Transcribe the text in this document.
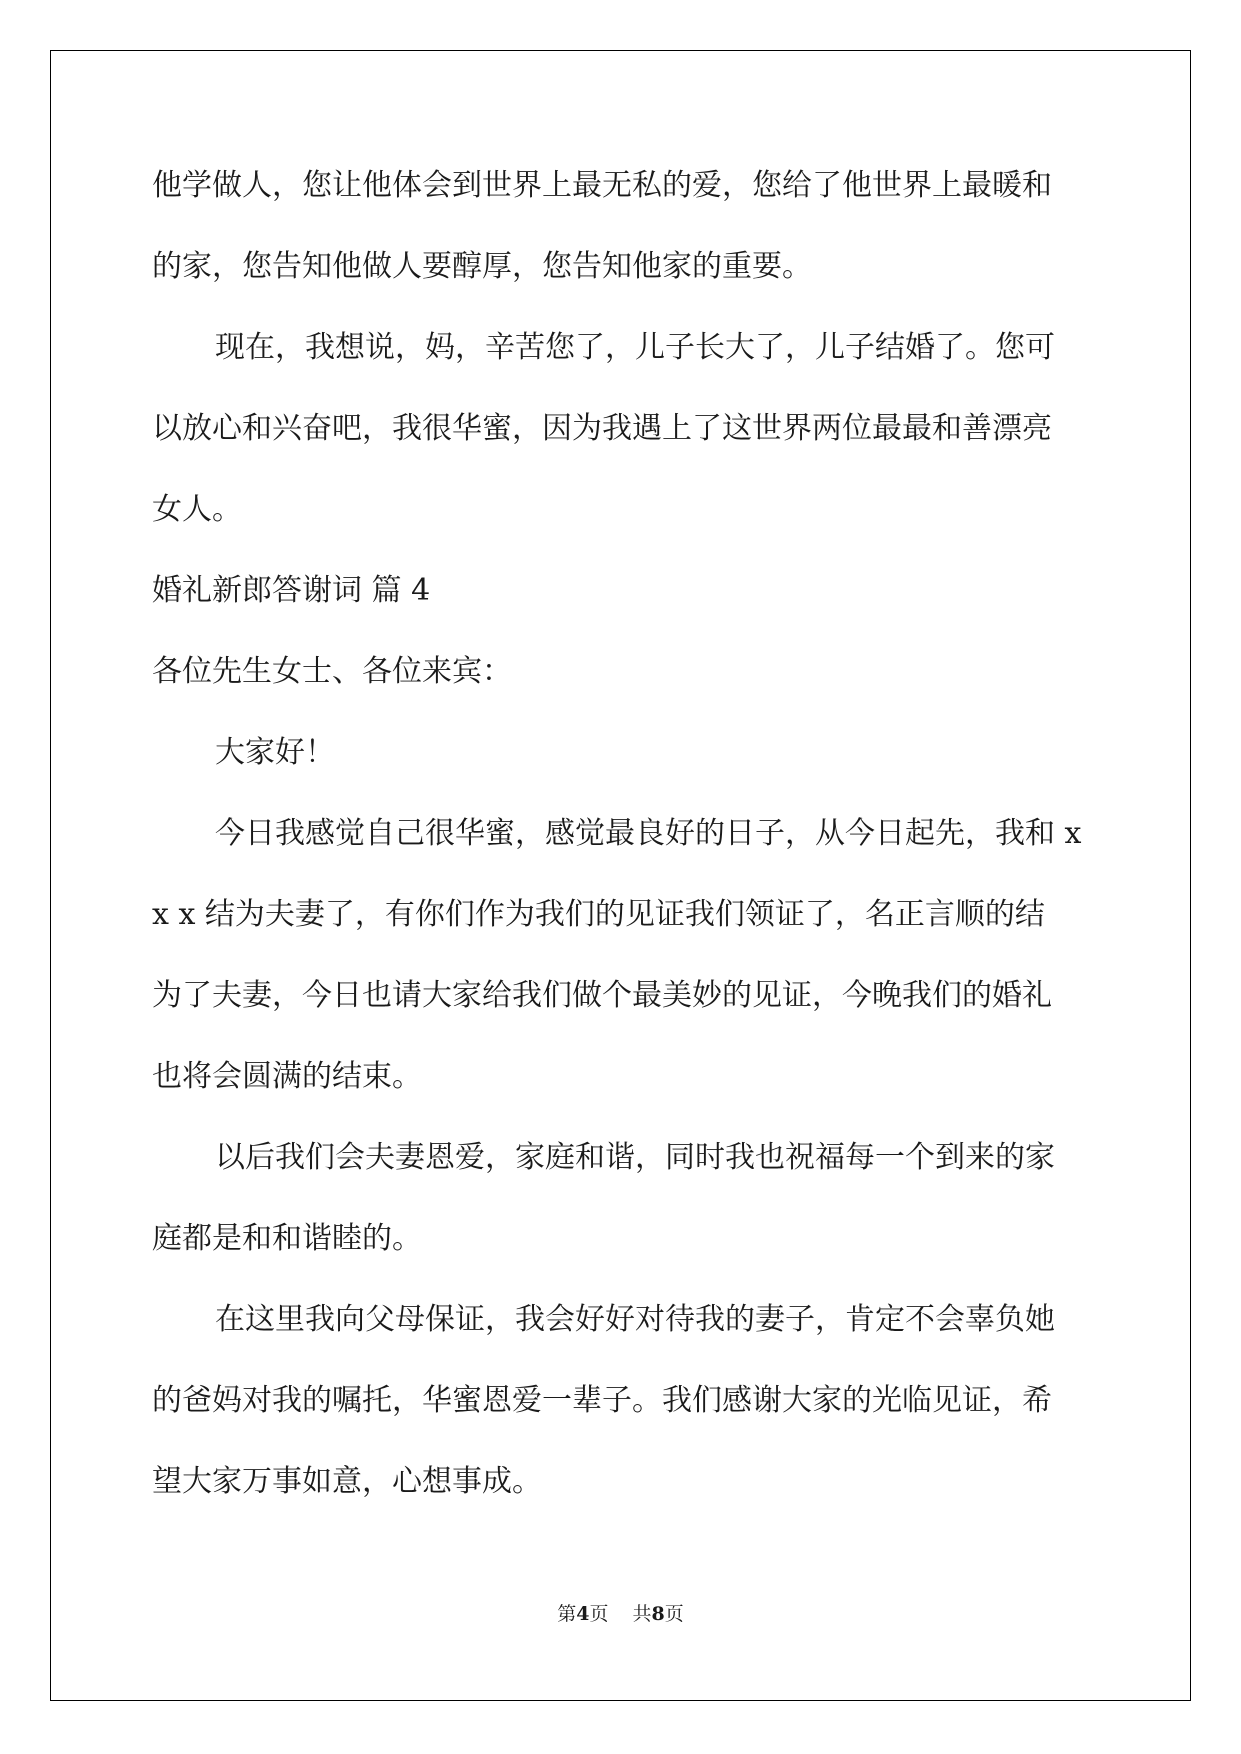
他学做人，您让他体会到世界上最无私的爱，您给了他世界上最暖和
的家，您告知他做人要醇厚，您告知他家的重要。
现在，我想说，妈，辛苦您了，儿子长大了，儿子结婚了。您可
以放心和兴奋吧，我很华蜜，因为我遇上了这世界两位最最和善漂亮
女人。
婚礼新郎答谢词 篇 4
各位先生女士、各位来宾：
大家好！
今日我感觉自己很华蜜，感觉最良好的日子，从今日起先，我和 x
x x 结为夫妻了，有你们作为我们的见证我们领证了，名正言顺的结
为了夫妻，今日也请大家给我们做个最美妙的见证，今晚我们的婚礼
也将会圆满的结束。
以后我们会夫妻恩爱，家庭和谐，同时我也祝福每一个到来的家
庭都是和和谐睦的。
在这里我向父母保证，我会好好对待我的妻子，肯定不会辜负她
的爸妈对我的嘱托，华蜜恩爱一辈子。我们感谢大家的光临见证，希
望大家万事如意，心想事成。
第4页 共8页
